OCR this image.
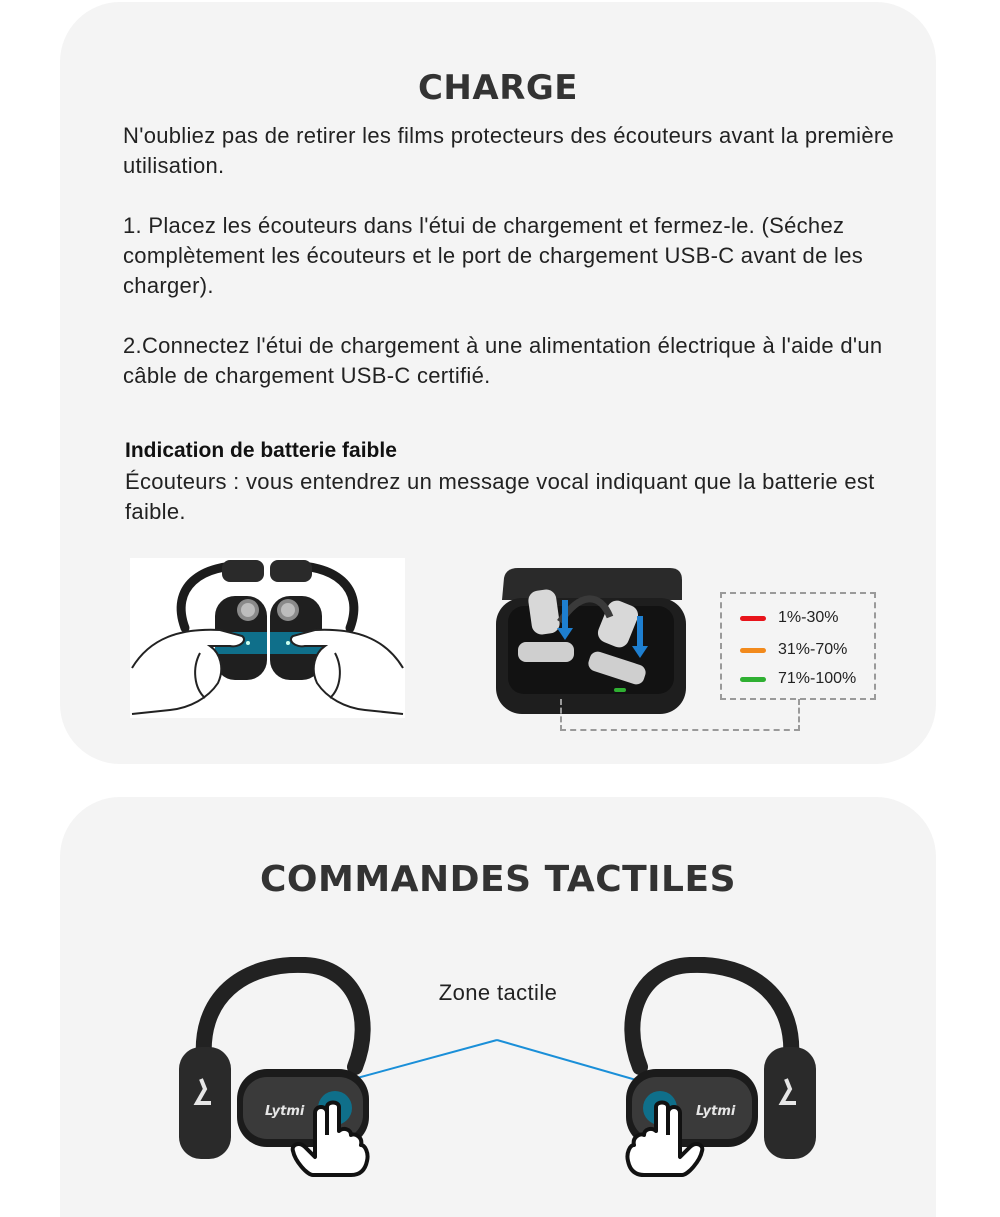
CHARGE

N'oubliez pas de retirer les films protecteurs des écouteurs avant la première utilisation.

1. Placez les écouteurs dans l'étui de chargement et fermez-le. (Séchez complètement les écouteurs et le port de chargement USB-C avant de les charger).

2.Connectez l'étui de chargement à une alimentation électrique à l'aide d'un câble de chargement USB-C certifié.

Indication de batterie faible

Écouteurs : vous entendrez un message vocal indiquant que la batterie est faible.

1%-30%
31%-70%
71%-100%
COMMANDES TACTILES

Zone tactile

Lytmi	Lytmi
